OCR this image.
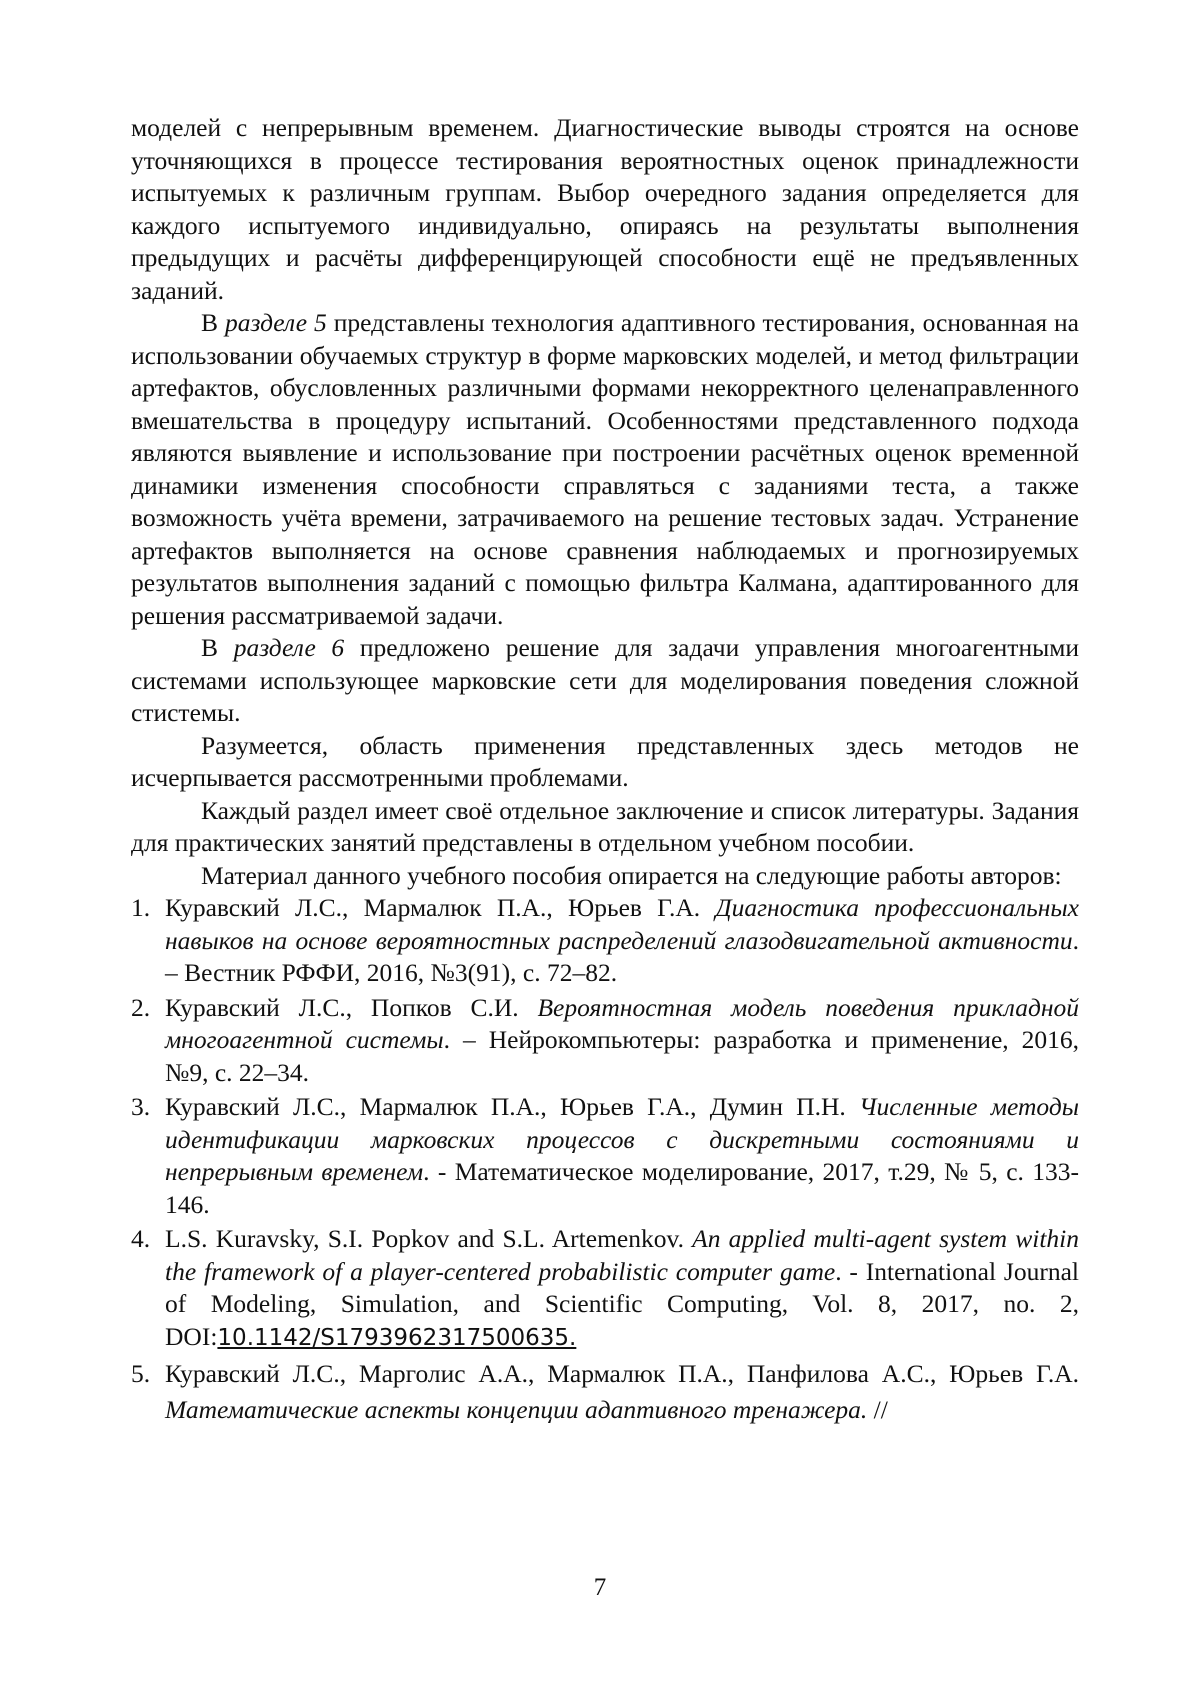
моделей с непрерывным временем. Диагностические выводы строятся на основе уточняющихся в процессе тестирования вероятностных оценок принадлежности испытуемых к различным группам. Выбор очередного задания определяется для каждого испытуемого индивидуально, опираясь на результаты выполнения предыдущих и расчёты дифференцирующей способности ещё не предъявленных заданий.

В разделе 5 представлены технология адаптивного тестирования, основанная на использовании обучаемых структур в форме марковских моделей, и метод фильтрации артефактов, обусловленных различными формами некорректного целенаправленного вмешательства в процедуру испытаний. Особенностями представленного подхода являются выявление и использование при построении расчётных оценок временной динамики изменения способности справляться с заданиями теста, а также возможность учёта времени, затрачиваемого на решение тестовых задач. Устранение артефактов выполняется на основе сравнения наблюдаемых и прогнозируемых результатов выполнения заданий с помощью фильтра Калмана, адаптированного для решения рассматриваемой задачи.

В разделе 6 предложено решение для задачи управления многоагентными системами использующее марковские сети для моделирования поведения сложной стистемы.

Разумеется, область применения представленных здесь методов не исчерпывается рассмотренными проблемами.

Каждый раздел имеет своё отдельное заключение и список литературы. Задания для практических занятий представлены в отдельном учебном пособии.

Материал данного учебного пособия опирается на следующие работы авторов:

1. Куравский Л.С., Мармалюк П.А., Юрьев Г.А. Диагностика профессиональных навыков на основе вероятностных распределений глазодвигательной активности. – Вестник РФФИ, 2016, №3(91), с. 72–82.
2. Куравский Л.С., Попков С.И. Вероятностная модель поведения прикладной многоагентной системы. – Нейрокомпьютеры: разработка и применение, 2016, №9, с. 22–34.
3. Куравский Л.С., Мармалюк П.А., Юрьев Г.А., Думин П.Н. Численные методы идентификации марковских процессов с дискретными состояниями и непрерывным временем. - Математическое моделирование, 2017, т.29, № 5, с. 133-146.
4. L.S. Kuravsky, S.I. Popkov and S.L. Artemenkov. An applied multi-agent system within the framework of a player-centered probabilistic computer game. - International Journal of Modeling, Simulation, and Scientific Computing, Vol. 8, 2017, no. 2, DOI:10.1142/S1793962317500635.
5. Куравский Л.С., Марголис А.А., Мармалюк П.А., Панфилова А.С., Юрьев Г.А. Математические аспекты концепции адаптивного тренажера. //
7
